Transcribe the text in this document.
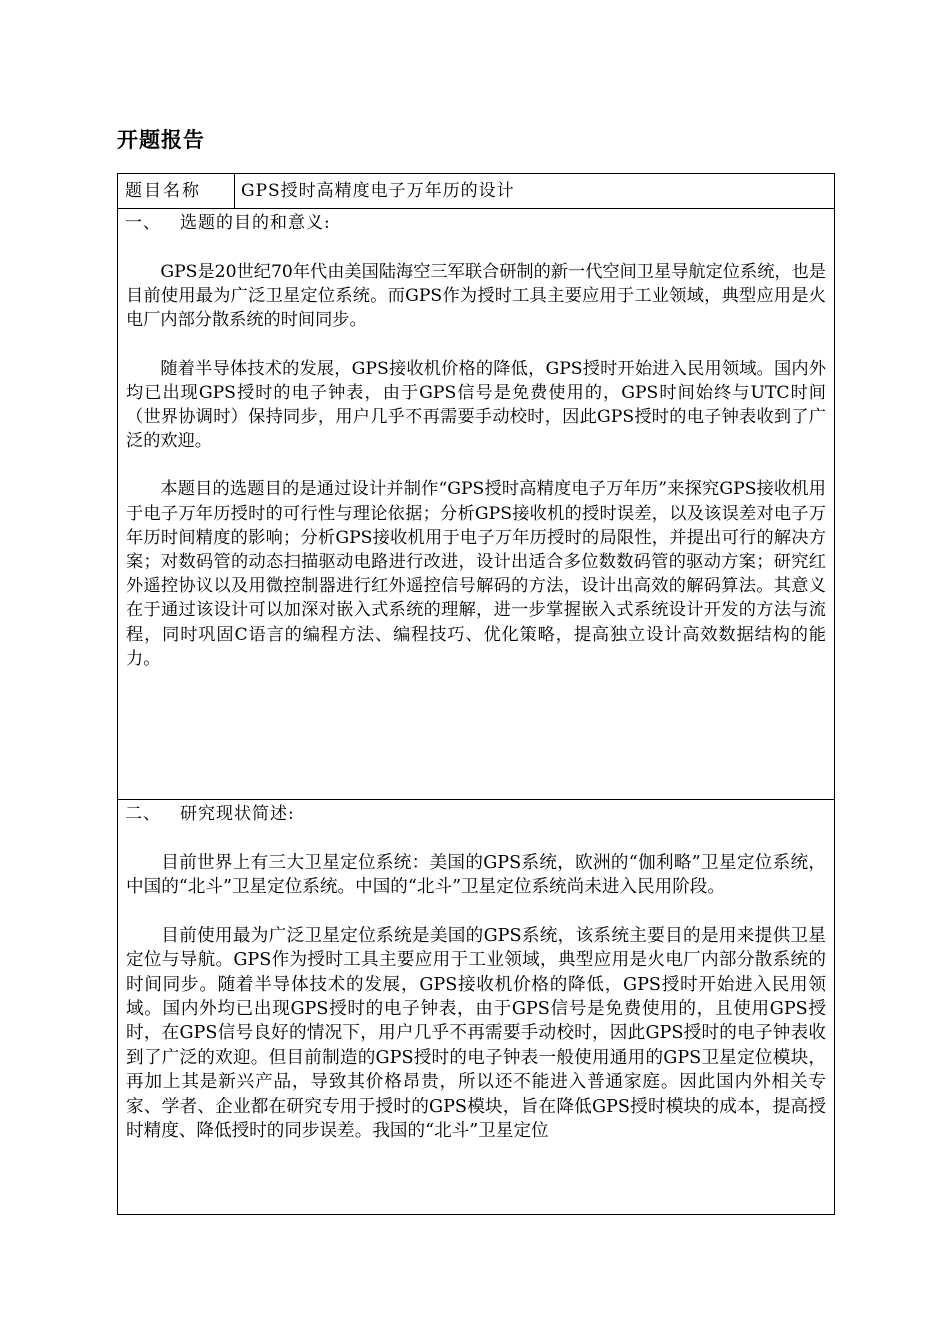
开题报告
题目名称	GPS授时高精度电子万年历的设计
一、 选题的目的和意义:

GPS是20世纪70年代由美国陆海空三军联合研制的新一代空间卫星导航定位系统，也是目前使用最为广泛卫星定位系统。而GPS作为授时工具主要应用于工业领域，典型应用是火电厂内部分散系统的时间同步。

随着半导体技术的发展，GPS接收机价格的降低，GPS授时开始进入民用领域。国内外均已出现GPS授时的电子钟表，由于GPS信号是免费使用的，GPS时间始终与UTC时间（世界协调时）保持同步，用户几乎不再需要手动校时，因此GPS授时的电子钟表收到了广泛的欢迎。

本题目的选题目的是通过设计并制作“GPS授时高精度电子万年历”来探究GPS接收机用于电子万年历授时的可行性与理论依据；分析GPS接收机的授时误差，以及该误差对电子万年历时间精度的影响；分析GPS接收机用于电子万年历授时的局限性，并提出可行的解决方案；对数码管的动态扫描驱动电路进行改进，设计出适合多位数数码管的驱动方案；研究红外遥控协议以及用微控制器进行红外遥控信号解码的方法，设计出高效的解码算法。其意义在于通过该设计可以加深对嵌入式系统的理解，进一步掌握嵌入式系统设计开发的方法与流程，同时巩固C语言的编程方法、编程技巧、优化策略，提高独立设计高效数据结构的能力。

二、 研究现状简述:

目前世界上有三大卫星定位系统：美国的GPS系统，欧洲的“伽利略”卫星定位系统，中国的“北斗”卫星定位系统。中国的“北斗”卫星定位系统尚未进入民用阶段。

目前使用最为广泛卫星定位系统是美国的GPS系统，该系统主要目的是用来提供卫星定位与导航。GPS作为授时工具主要应用于工业领域，典型应用是火电厂内部分散系统的时间同步。随着半导体技术的发展，GPS接收机价格的降低，GPS授时开始进入民用领域。国内外均已出现GPS授时的电子钟表，由于GPS信号是免费使用的，且使用GPS授时，在GPS信号良好的情况下，用户几乎不再需要手动校时，因此GPS授时的电子钟表收到了广泛的欢迎。但目前制造的GPS授时的电子钟表一般使用通用的GPS卫星定位模块，再加上其是新兴产品，导致其价格昂贵，所以还不能进入普通家庭。因此国内外相关专家、学者、企业都在研究专用于授时的GPS模块，旨在降低GPS授时模块的成本，提高授时精度、降低授时的同步误差。我国的“北斗”卫星定位
